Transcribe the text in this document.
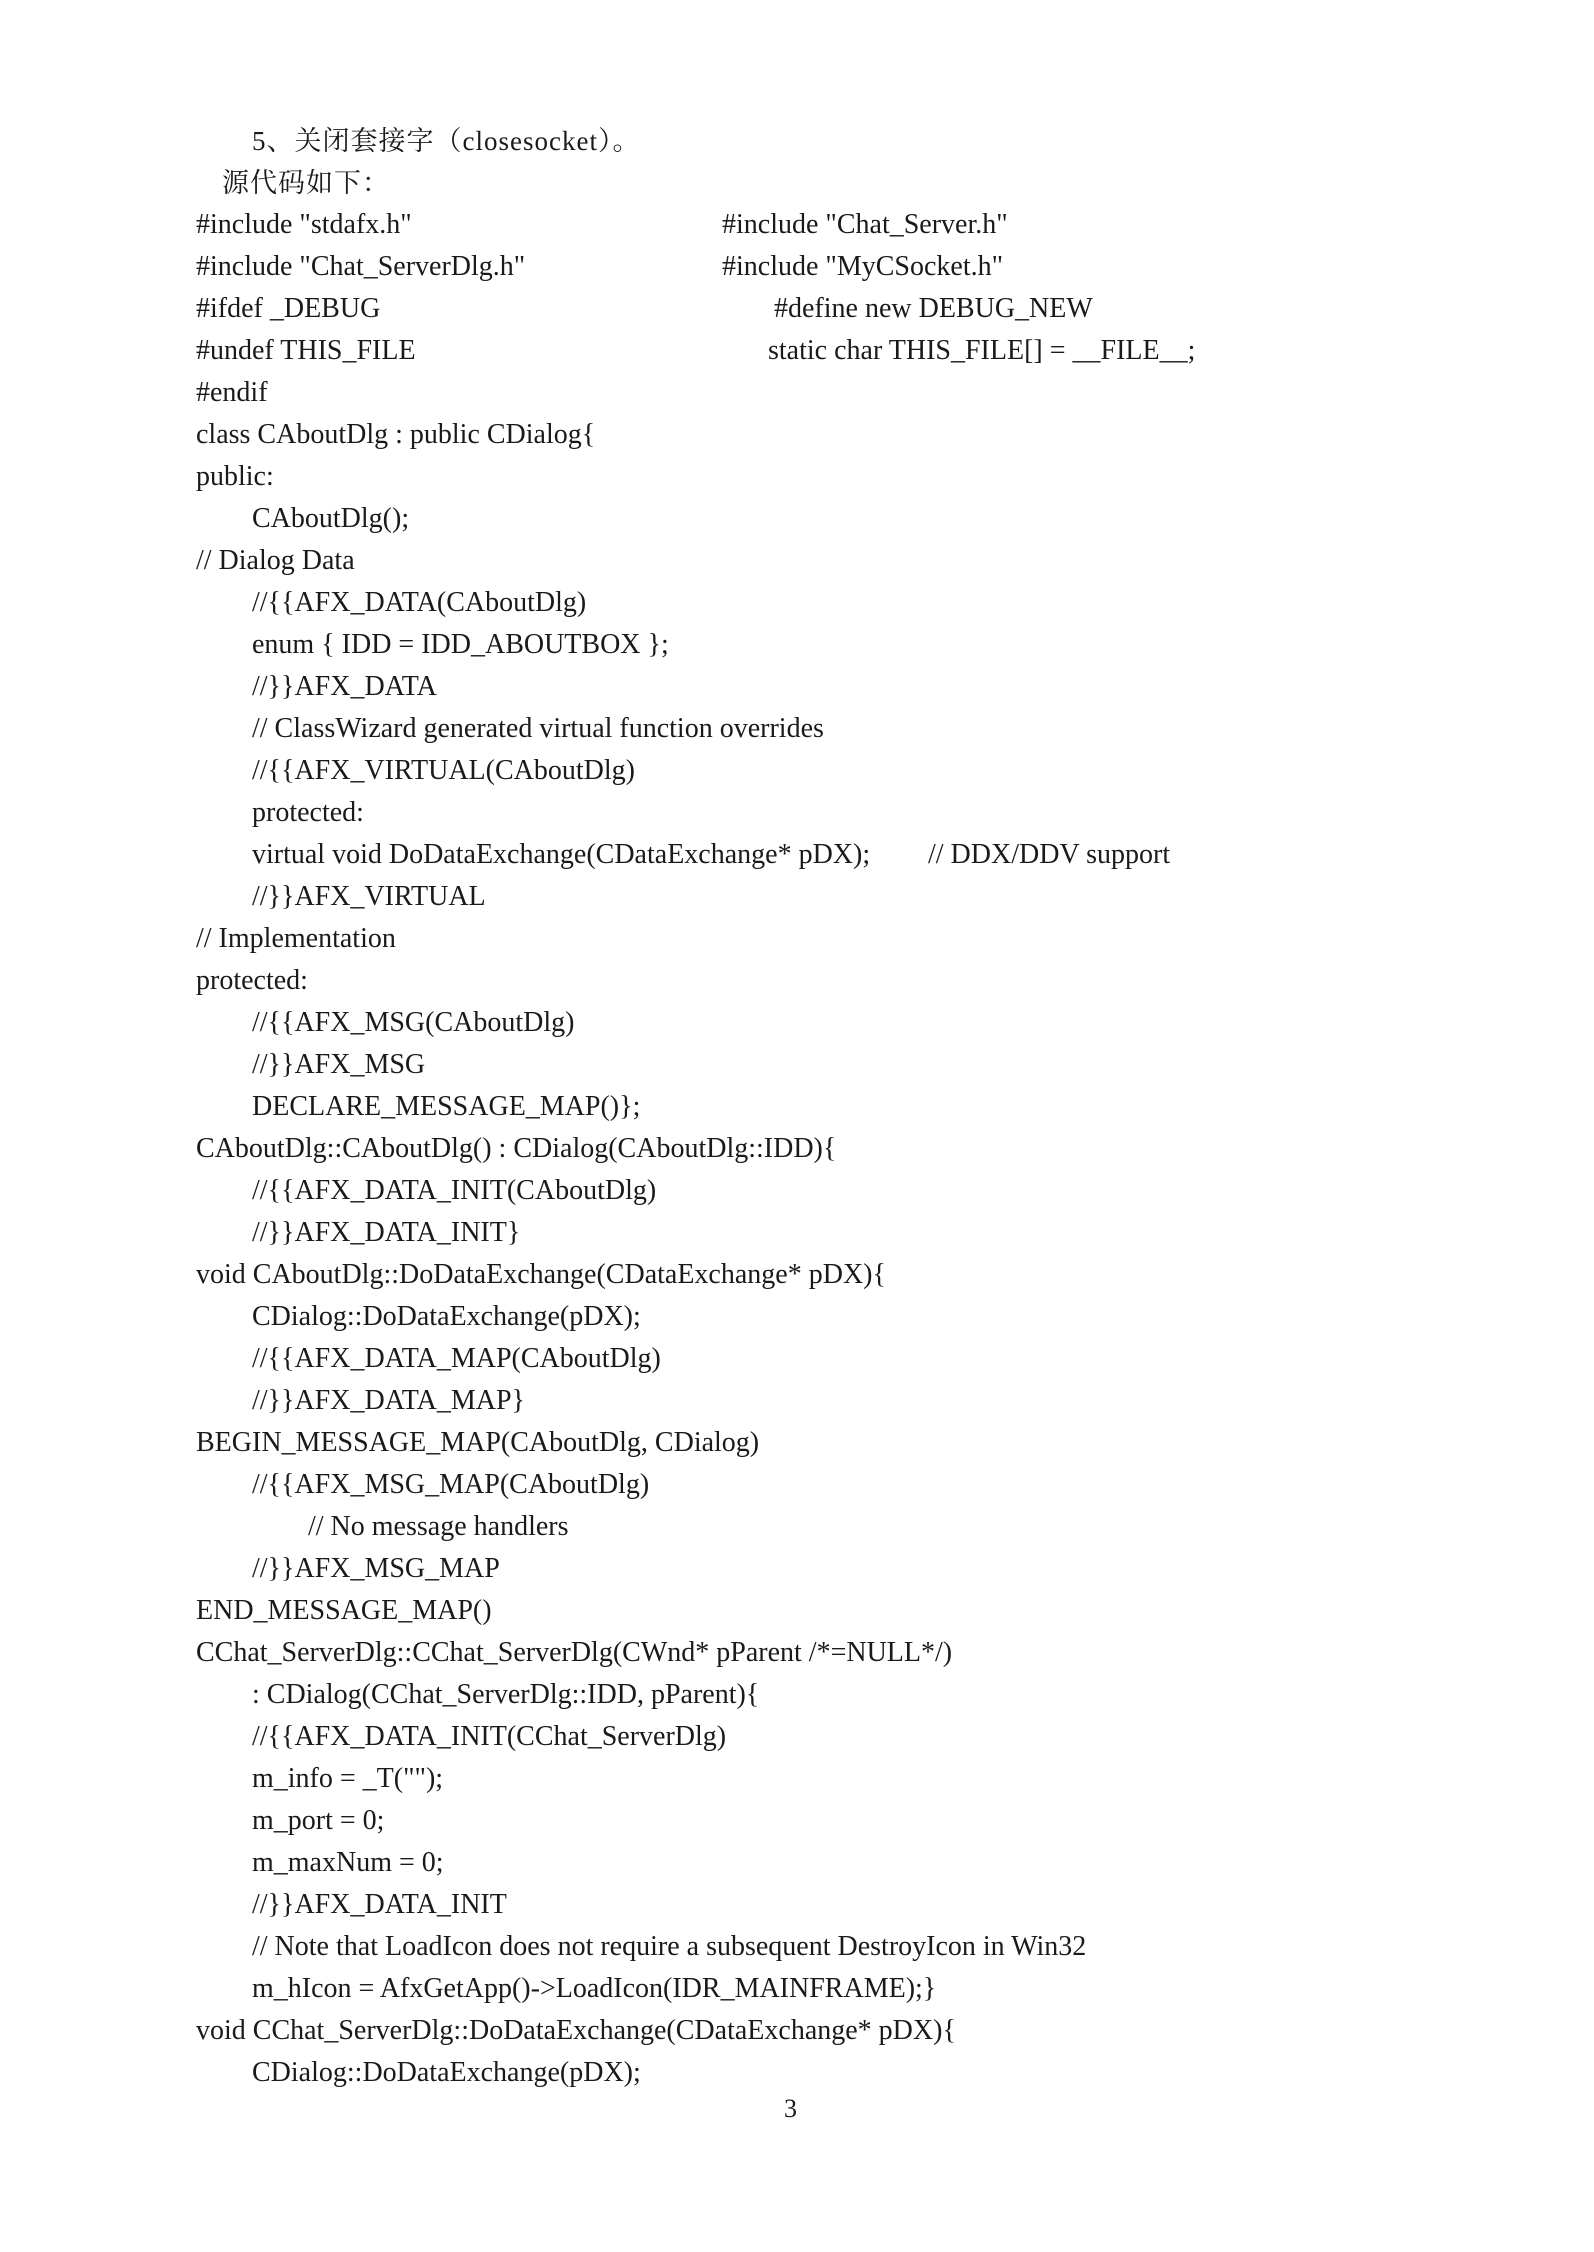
5、关闭套接字（closesocket）。
源代码如下：
#include "stdafx.h"	#include "Chat_Server.h"
#include "Chat_ServerDlg.h"	#include "MyCSocket.h"
#ifdef _DEBUG	#define new DEBUG_NEW
#undef THIS_FILE	static char THIS_FILE[] = __FILE__;
#endif
class CAboutDlg : public CDialog{
public:
CAboutDlg();
// Dialog Data
//{{AFX_DATA(CAboutDlg)
enum { IDD = IDD_ABOUTBOX };
//}}AFX_DATA
// ClassWizard generated virtual function overrides
//{{AFX_VIRTUAL(CAboutDlg)
protected:
virtual void DoDataExchange(CDataExchange* pDX); // DDX/DDV support
//}}AFX_VIRTUAL
// Implementation
protected:
//{{AFX_MSG(CAboutDlg)
//}}AFX_MSG
DECLARE_MESSAGE_MAP()};
CAboutDlg::CAboutDlg() : CDialog(CAboutDlg::IDD){
//{{AFX_DATA_INIT(CAboutDlg)
//}}AFX_DATA_INIT}
void CAboutDlg::DoDataExchange(CDataExchange* pDX){
CDialog::DoDataExchange(pDX);
//{{AFX_DATA_MAP(CAboutDlg)
//}}AFX_DATA_MAP}
BEGIN_MESSAGE_MAP(CAboutDlg, CDialog)
//{{AFX_MSG_MAP(CAboutDlg)
// No message handlers
//}}AFX_MSG_MAP
END_MESSAGE_MAP()
CChat_ServerDlg::CChat_ServerDlg(CWnd* pParent /*=NULL*/)
: CDialog(CChat_ServerDlg::IDD, pParent){
//{{AFX_DATA_INIT(CChat_ServerDlg)
m_info = _T("");
m_port = 0;
m_maxNum = 0;
//}}AFX_DATA_INIT
// Note that LoadIcon does not require a subsequent DestroyIcon in Win32
m_hIcon = AfxGetApp()->LoadIcon(IDR_MAINFRAME);}
void CChat_ServerDlg::DoDataExchange(CDataExchange* pDX){
CDialog::DoDataExchange(pDX);
3
